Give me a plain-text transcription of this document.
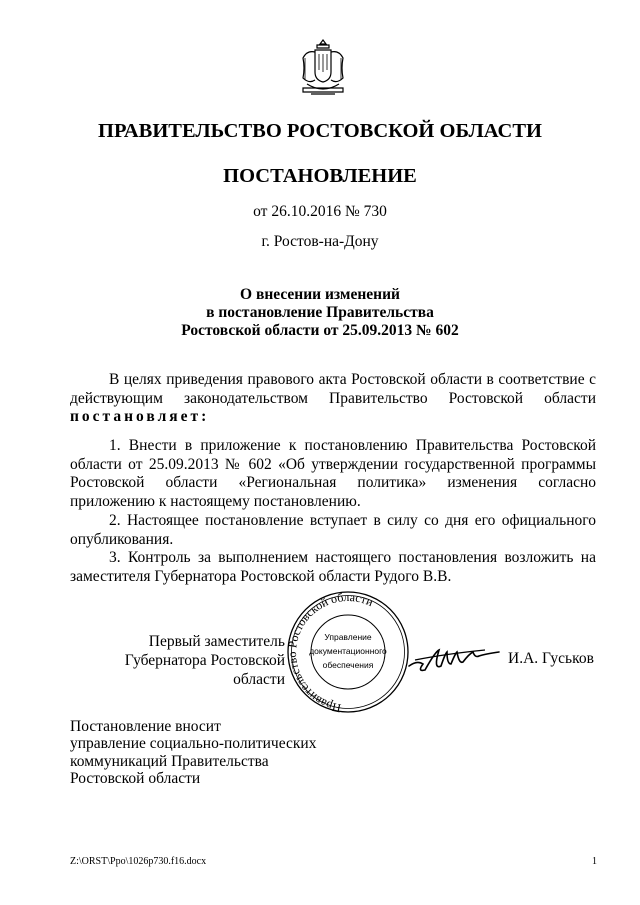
ПРАВИТЕЛЬСТВО РОСТОВСКОЙ ОБЛАСТИ
ПОСТАНОВЛЕНИЕ
от 26.10.2016 № 730
г. Ростов-на-Дону
О внесении изменений
в постановление Правительства
Ростовской области от 25.09.2013 № 602
В целях приведения правового акта Ростовской области в соответствие с действующим законодательством Правительство Ростовской области постановляет:
1. Внести в приложение к постановлению Правительства Ростовской области от 25.09.2013 № 602 «Об утверждении государственной программы Ростовской области «Региональная политика» изменения согласно приложению к настоящему постановлению.
2. Настоящее постановление вступает в силу со дня его официального опубликования.
3. Контроль за выполнением настоящего постановления возложить на заместителя Губернатора Ростовской области Рудого В.В.
Первый заместитель
Губернатора Ростовской области
Правительство Ростовской области
Управление
документационного
обеспечения	И.А. Гуськов
Постановление вносит
управление социально-политических
коммуникаций Правительства
Ростовской области
Z:\ORST\Ppo\1026p730.f16.docx	1
